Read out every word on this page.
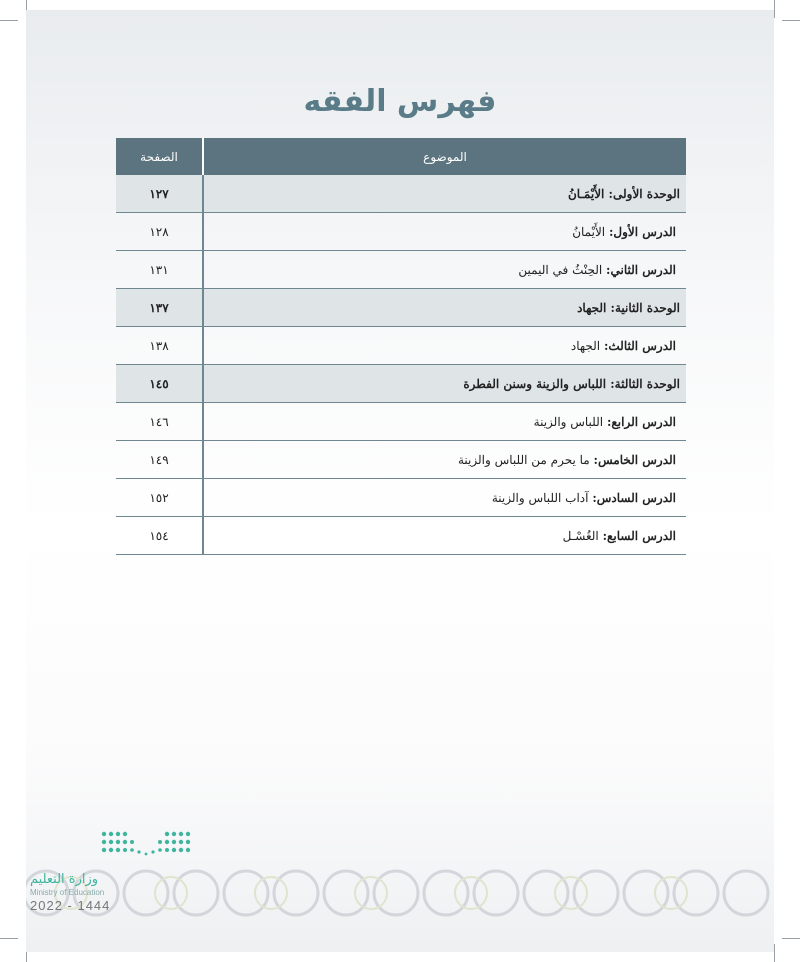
فهرس الفقه
الموضوع	الصفحة
الوحدة الأولى: الأَيْمَـانُ	١٢٧
الدرس الأول: الأَيْمانُ	١٢٨
الدرس الثاني: الحِنْثُ في اليمين	١٣١
الوحدة الثانية: الجهاد	١٣٧
الدرس الثالث: الجهاد	١٣٨
الوحدة الثالثة: اللباس والزينة وسنن الفطرة	١٤٥
الدرس الرابع: اللباس والزينة	١٤٦
الدرس الخامس: ما يحرم من اللباس والزينة	١٤٩
الدرس السادس: آداب اللباس والزينة	١٥٢
الدرس السابع: الغُسْـل	١٥٤
وزارة التعليم
Ministry of Education
2022 - 1444
